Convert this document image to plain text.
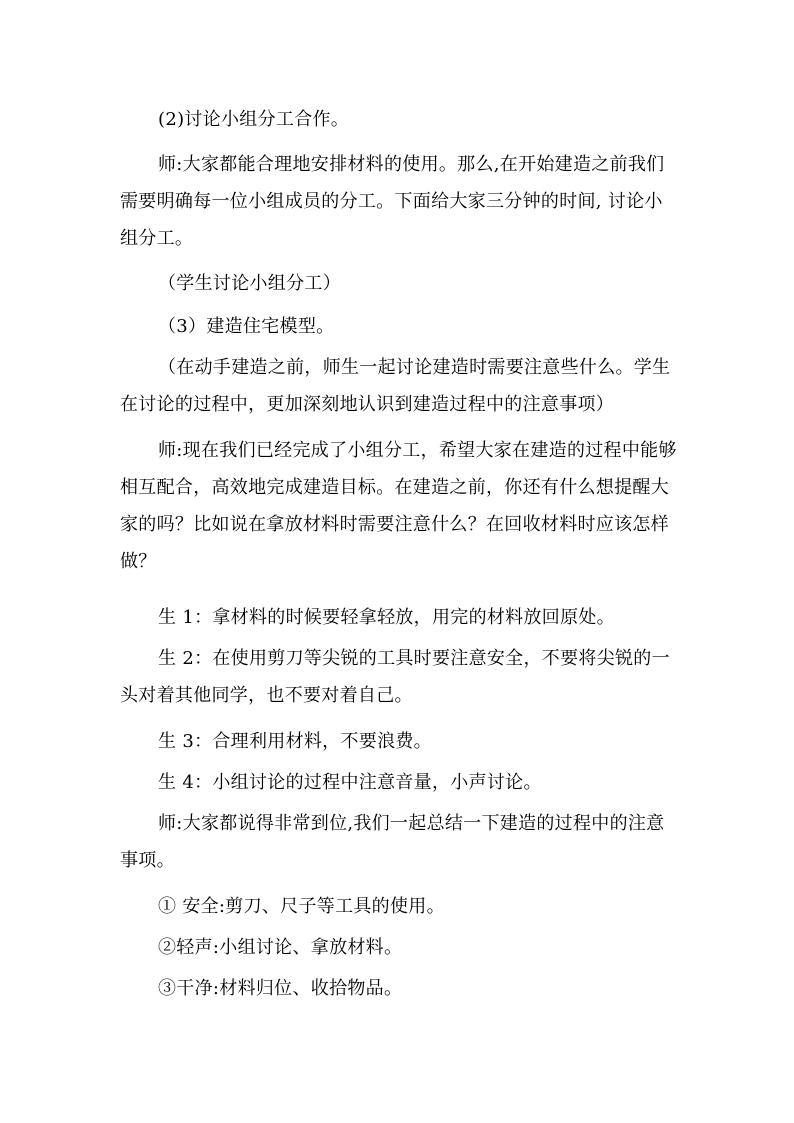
(2)讨论小组分工合作。

师:大家都能合理地安排材料的使用。那么,在开始建造之前我们需要明确每一位小组成员的分工。下面给大家三分钟的时间, 讨论小组分工。

（学生讨论小组分工）

（3）建造住宅模型。

（在动手建造之前，师生一起讨论建造时需要注意些什么。学生在讨论的过程中，更加深刻地认识到建造过程中的注意事项）

师:现在我们已经完成了小组分工，希望大家在建造的过程中能够相互配合，高效地完成建造目标。在建造之前，你还有什么想提醒大家的吗？比如说在拿放材料时需要注意什么？在回收材料时应该怎样做？

生 1：拿材料的时候要轻拿轻放，用完的材料放回原处。

生 2：在使用剪刀等尖锐的工具时要注意安全，不要将尖锐的一头对着其他同学，也不要对着自己。

生 3：合理利用材料，不要浪费。

生 4：小组讨论的过程中注意音量，小声讨论。

师:大家都说得非常到位,我们一起总结一下建造的过程中的注意事项。

① 安全:剪刀、尺子等工具的使用。

②轻声:小组讨论、拿放材料。

③干净:材料归位、收拾物品。
